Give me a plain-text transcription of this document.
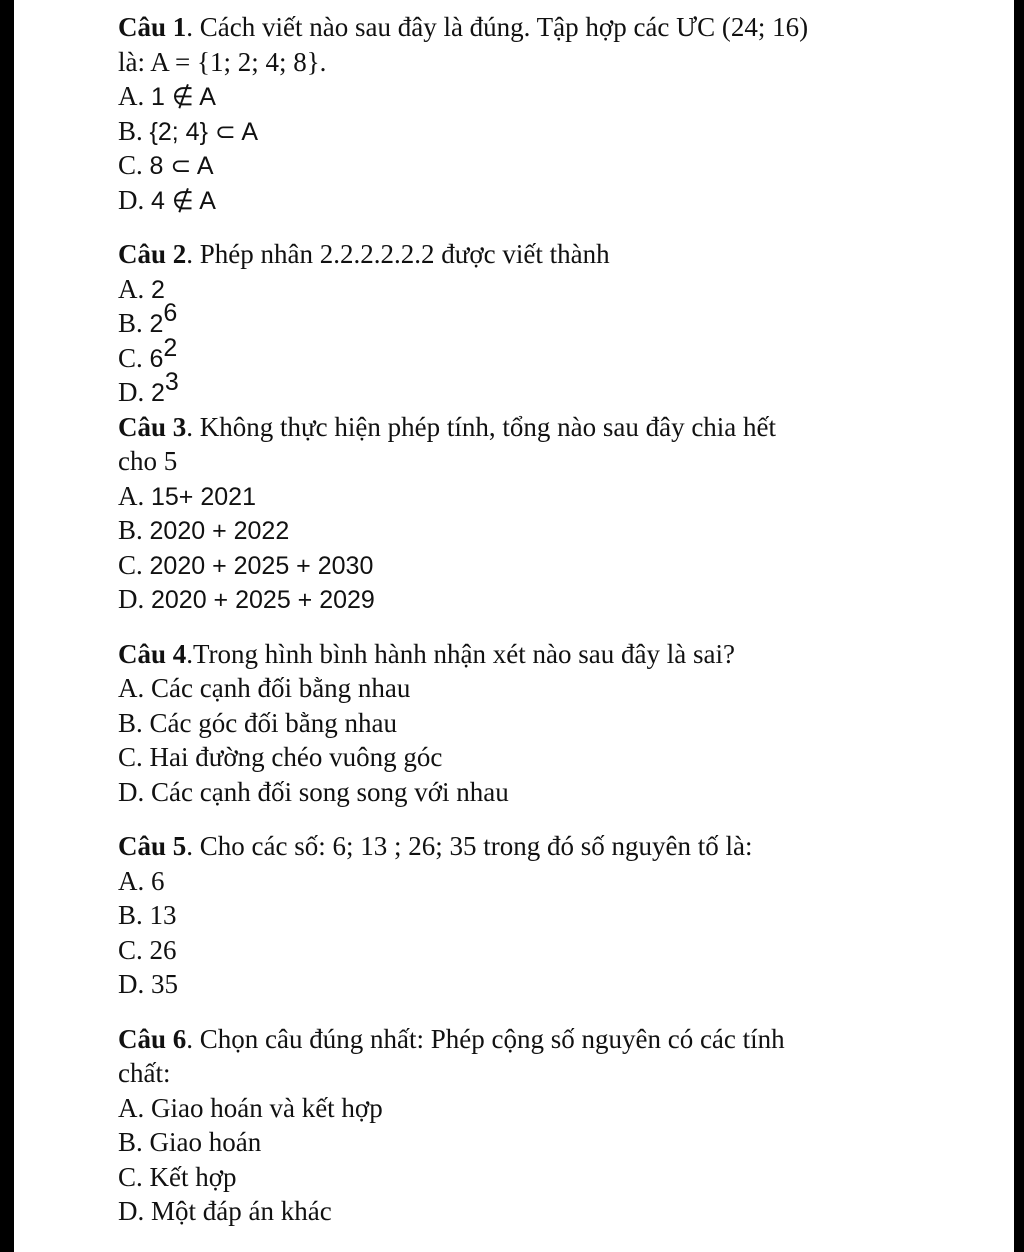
Câu 1. Cách viết nào sau đây là đúng. Tập hợp các ƯC (24; 16)
là: A = {1; 2; 4; 8}.
A. 1 ∉ A
B. {2; 4} ⊂ A
C. 8 ⊂ A
D. 4 ∉ A
Câu 2. Phép nhân 2.2.2.2.2.2 được viết thành
A. 2
B. $2^6$
C. $6^2$
D. $2^3$
Câu 3. Không thực hiện phép tính, tổng nào sau đây chia hết
cho 5
A. 15+ 2021
B. 2020 + 2022
C. 2020 + 2025 + 2030
D. 2020 + 2025 + 2029
Câu 4.Trong hình bình hành nhận xét nào sau đây là sai?
A. Các cạnh đối bằng nhau
B. Các góc đối bằng nhau
C. Hai đường chéo vuông góc
D. Các cạnh đối song song với nhau
Câu 5. Cho các số: 6; 13 ; 26; 35 trong đó số nguyên tố là:
A. 6
B. 13
C. 26
D. 35
Câu 6. Chọn câu đúng nhất: Phép cộng số nguyên có các tính
chất:
A. Giao hoán và kết hợp
B. Giao hoán
C. Kết hợp
D. Một đáp án khác
